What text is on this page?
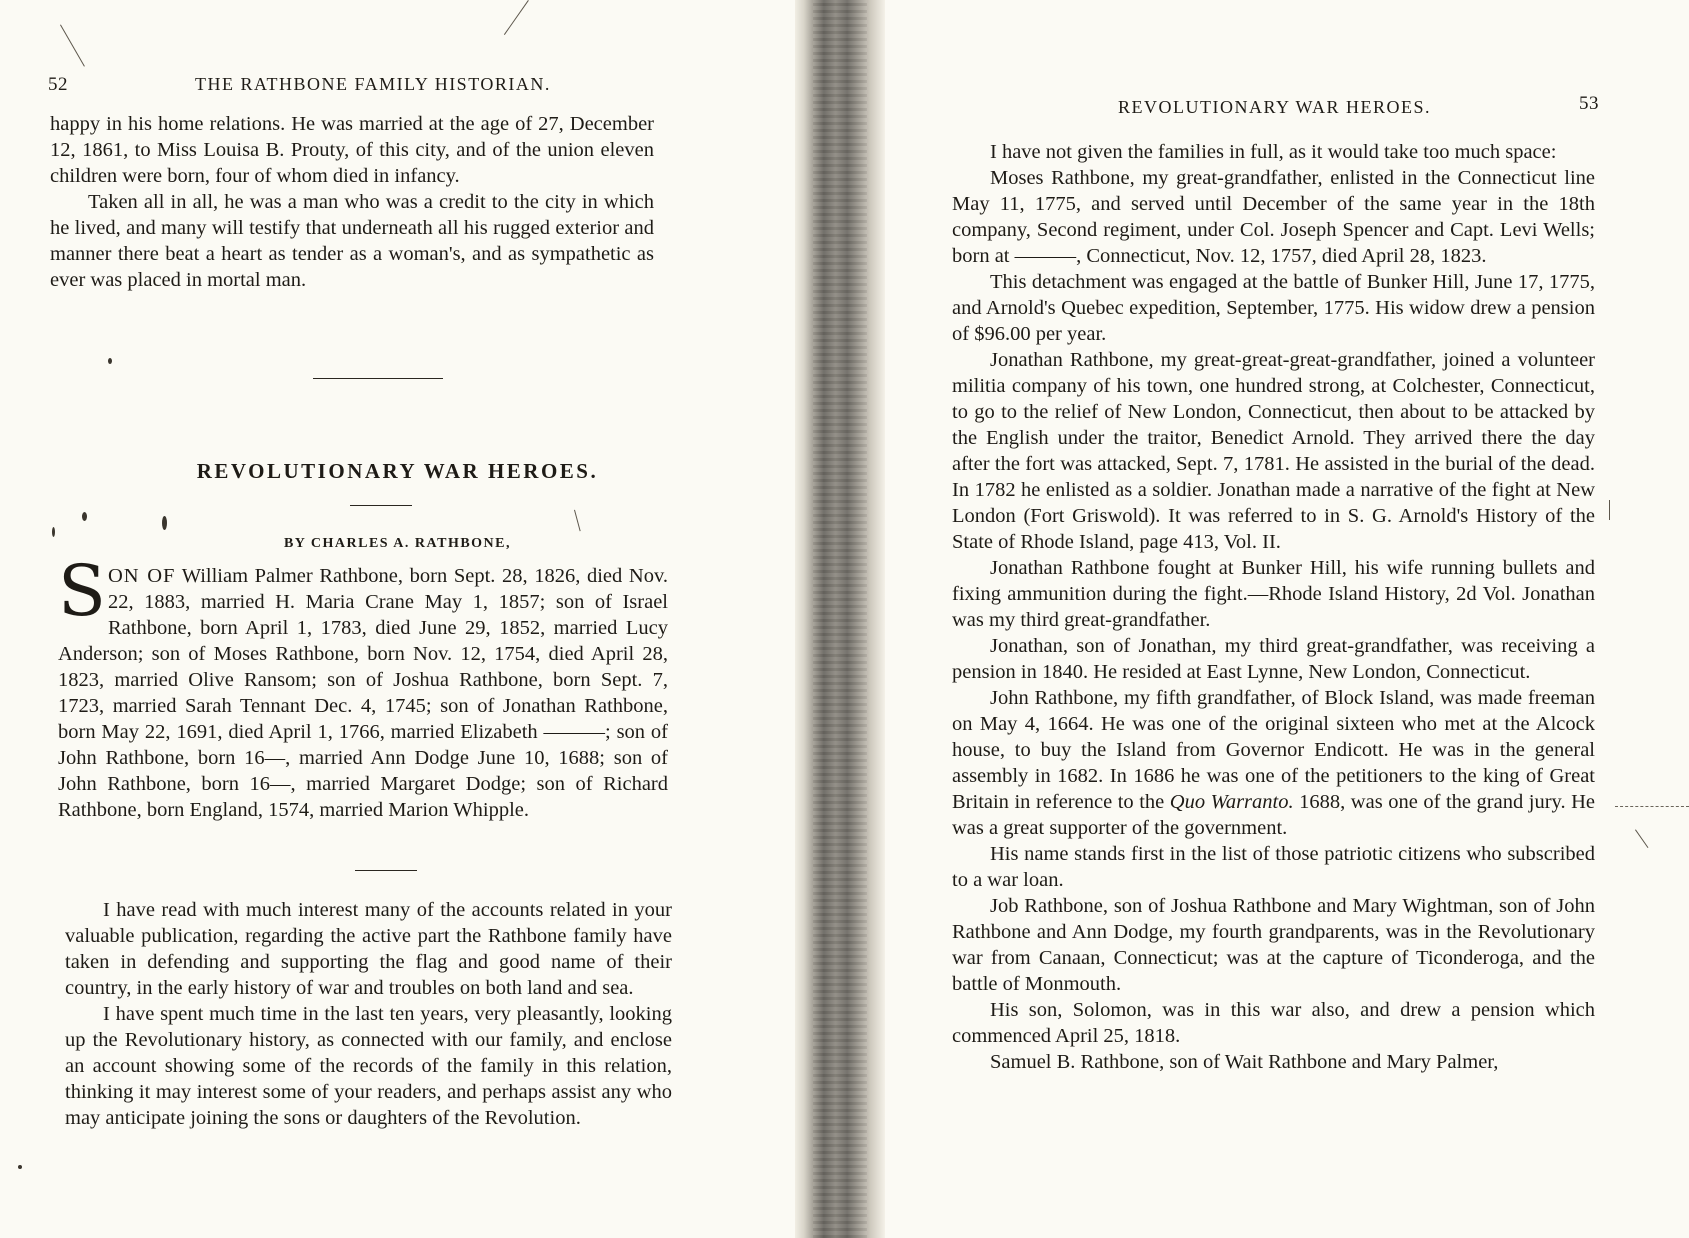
52	THE RATHBONE FAMILY HISTORIAN.

happy in his home relations. He was married at the age of 27, December 12, 1861, to Miss Louisa B. Prouty, of this city, and of the union eleven children were born, four of whom died in infancy.

Taken all in all, he was a man who was a credit to the city in which he lived, and many will testify that underneath all his rugged exterior and manner there beat a heart as tender as a woman's, and as sympathetic as ever was placed in mortal man.

REVOLUTIONARY WAR HEROES.
BY CHARLES A. RATHBONE,

SON OF William Palmer Rathbone, born Sept. 28, 1826, died Nov. 22, 1883, married H. Maria Crane May 1, 1857; son of Israel Rathbone, born April 1, 1783, died June 29, 1852, married Lucy Anderson; son of Moses Rathbone, born Nov. 12, 1754, died April 28, 1823, married Olive Ransom; son of Joshua Rathbone, born Sept. 7, 1723, married Sarah Tennant Dec. 4, 1745; son of Jonathan Rathbone, born May 22, 1691, died April 1, 1766, married Elizabeth ———; son of John Rathbone, born 16—, married Ann Dodge June 10, 1688; son of John Rathbone, born 16—, married Margaret Dodge; son of Richard Rathbone, born England, 1574, married Marion Whipple.

I have read with much interest many of the accounts related in your valuable publication, regarding the active part the Rathbone family have taken in defending and supporting the flag and good name of their country, in the early history of war and troubles on both land and sea.

I have spent much time in the last ten years, very pleasantly, looking up the Revolutionary history, as connected with our family, and enclose an account showing some of the records of the family in this relation, thinking it may interest some of your readers, and perhaps assist any who may anticipate joining the sons or daughters of the Revolution.

REVOLUTIONARY WAR HEROES.	53

I have not given the families in full, as it would take too much space:

Moses Rathbone, my great-grandfather, enlisted in the Connecticut line May 11, 1775, and served until December of the same year in the 18th company, Second regiment, under Col. Joseph Spencer and Capt. Levi Wells; born at ———, Connecticut, Nov. 12, 1757, died April 28, 1823.

This detachment was engaged at the battle of Bunker Hill, June 17, 1775, and Arnold's Quebec expedition, September, 1775. His widow drew a pension of $96.00 per year.

Jonathan Rathbone, my great-great-great-grandfather, joined a volunteer militia company of his town, one hundred strong, at Colchester, Connecticut, to go to the relief of New London, Connecticut, then about to be attacked by the English under the traitor, Benedict Arnold. They arrived there the day after the fort was attacked, Sept. 7, 1781. He assisted in the burial of the dead. In 1782 he enlisted as a soldier. Jonathan made a narrative of the fight at New London (Fort Griswold). It was referred to in S. G. Arnold's History of the State of Rhode Island, page 413, Vol. II.

Jonathan Rathbone fought at Bunker Hill, his wife running bullets and fixing ammunition during the fight.—Rhode Island History, 2d Vol. Jonathan was my third great-grandfather.

Jonathan, son of Jonathan, my third great-grandfather, was receiving a pension in 1840. He resided at East Lynne, New London, Connecticut.

John Rathbone, my fifth grandfather, of Block Island, was made freeman on May 4, 1664. He was one of the original sixteen who met at the Alcock house, to buy the Island from Governor Endicott. He was in the general assembly in 1682. In 1686 he was one of the petitioners to the king of Great Britain in reference to the Quo Warranto. 1688, was one of the grand jury. He was a great supporter of the government.

His name stands first in the list of those patriotic citizens who subscribed to a war loan.

Job Rathbone, son of Joshua Rathbone and Mary Wightman, son of John Rathbone and Ann Dodge, my fourth grandparents, was in the Revolutionary war from Canaan, Connecticut; was at the capture of Ticonderoga, and the battle of Monmouth.

His son, Solomon, was in this war also, and drew a pension which commenced April 25, 1818.

Samuel B. Rathbone, son of Wait Rathbone and Mary Palmer,
